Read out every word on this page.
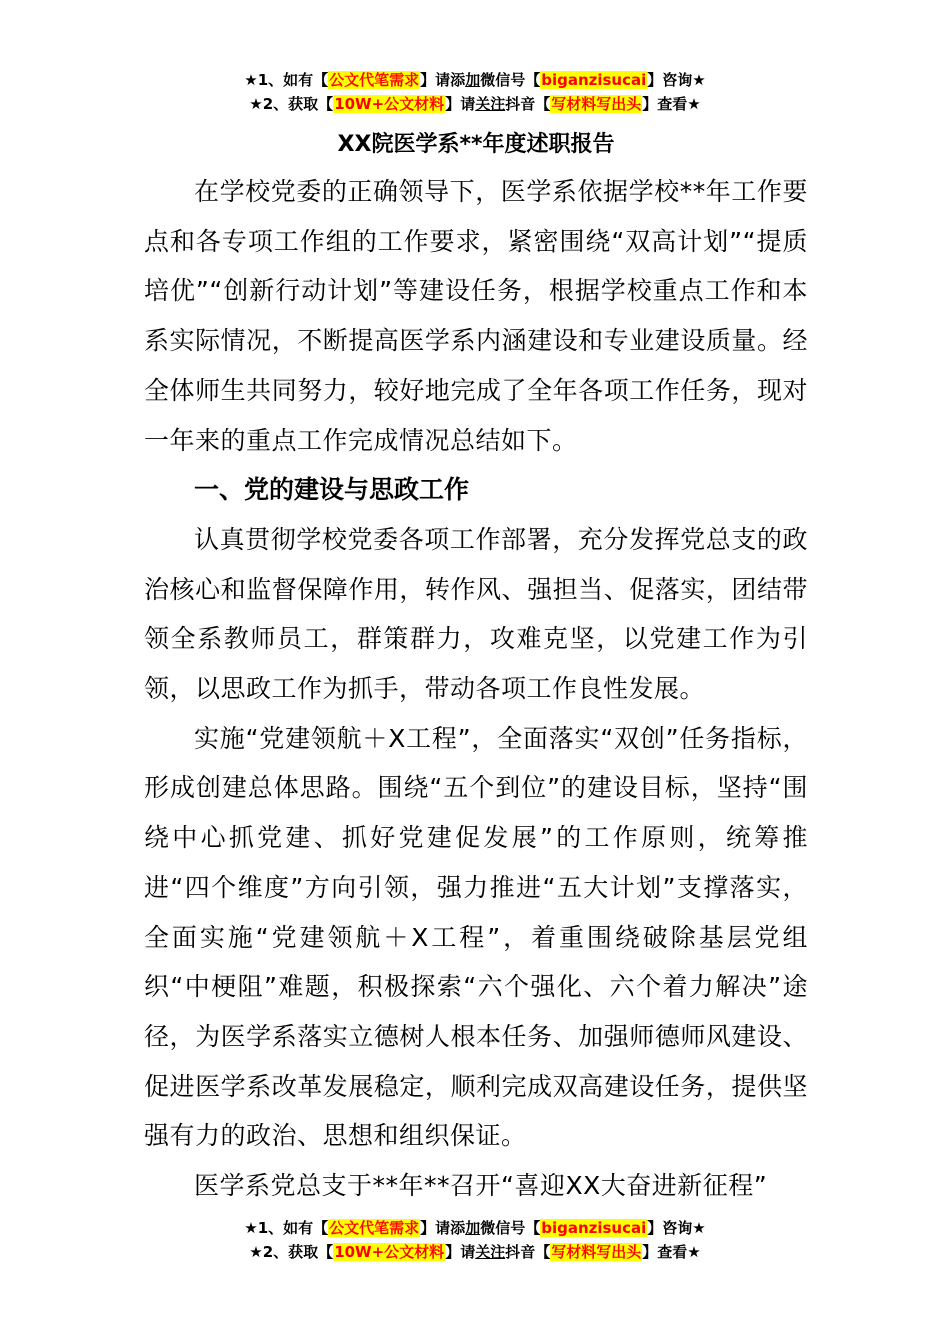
★1、如有【公文代笔需求】请添加微信号【biganzisucai】咨询★
★2、获取【10W+公文材料】请关注抖音【写材料写出头】查看★
XX院医学系**年度述职报告

在学校党委的正确领导下，医学系依据学校**年工作要点和各专项工作组的工作要求，紧密围绕“双高计划”“提质培优”“创新行动计划”等建设任务，根据学校重点工作和本系实际情况，不断提高医学系内涵建设和专业建设质量。经全体师生共同努力，较好地完成了全年各项工作任务，现对一年来的重点工作完成情况总结如下。

一、党的建设与思政工作

认真贯彻学校党委各项工作部署，充分发挥党总支的政治核心和监督保障作用，转作风、强担当、促落实，团结带领全系教师员工，群策群力，攻难克坚，以党建工作为引领，以思政工作为抓手，带动各项工作良性发展。

实施“党建领航＋X工程”，全面落实“双创”任务指标，形成创建总体思路。围绕“五个到位”的建设目标，坚持“围绕中心抓党建、抓好党建促发展”的工作原则，统筹推进“四个维度”方向引领，强力推进“五大计划”支撑落实，全面实施“党建领航＋X工程”，着重围绕破除基层党组织“中梗阻”难题，积极探索“六个强化、六个着力解决”途径，为医学系落实立德树人根本任务、加强师德师风建设、促进医学系改革发展稳定，顺利完成双高建设任务，提供坚强有力的政治、思想和组织保证。

医学系党总支于**年**召开“喜迎XX大奋进新征程”

★1、如有【公文代笔需求】请添加微信号【biganzisucai】咨询★
★2、获取【10W+公文材料】请关注抖音【写材料写出头】查看★
